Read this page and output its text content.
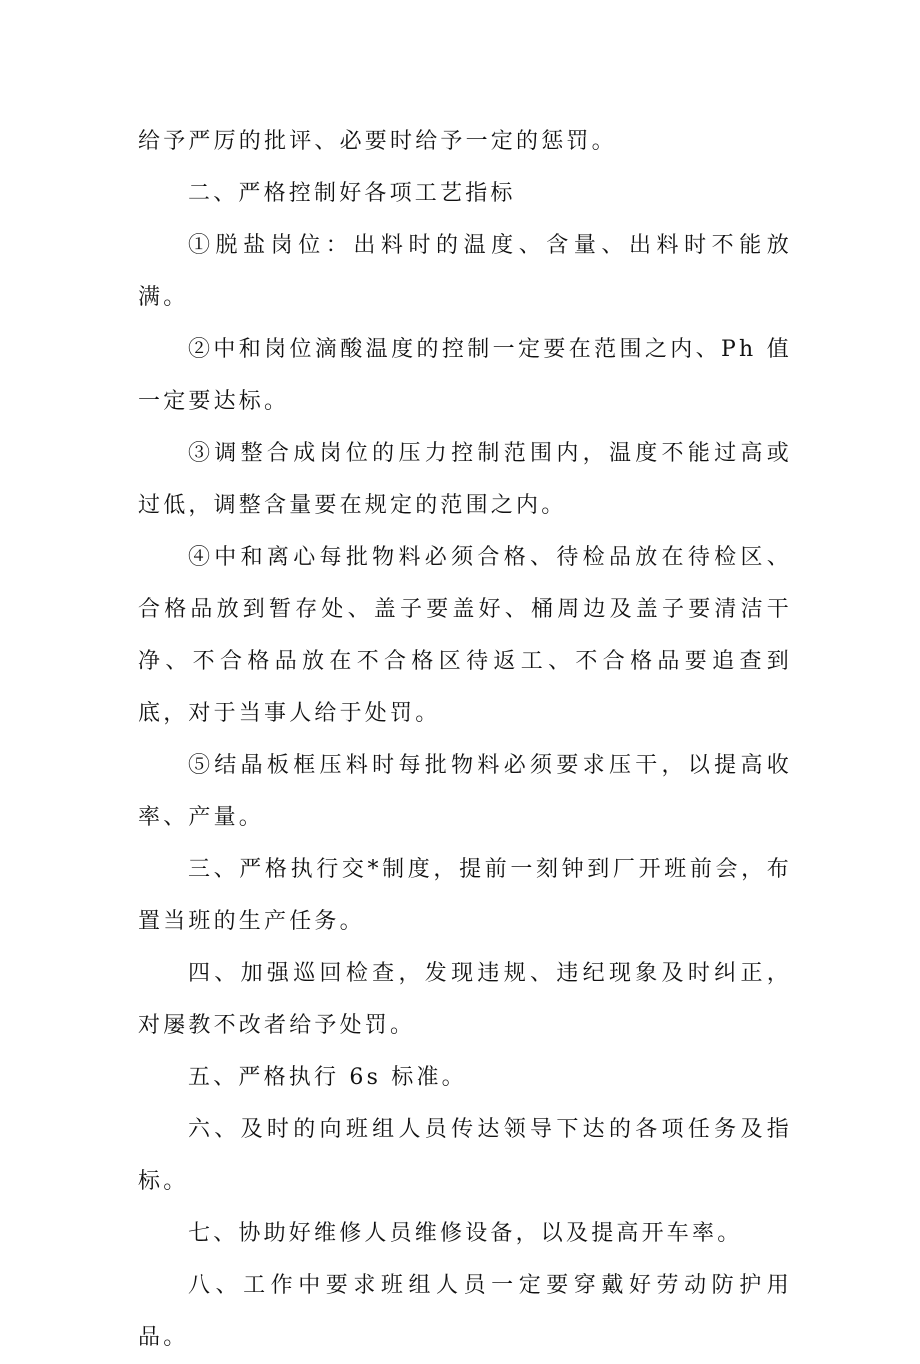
给予严厉的批评、必要时给予一定的惩罚。

二、严格控制好各项工艺指标

①脱盐岗位：出料时的温度、含量、出料时不能放满。

②中和岗位滴酸温度的控制一定要在范围之内、Ph 值一定要达标。

③调整合成岗位的压力控制范围内，温度不能过高或过低，调整含量要在规定的范围之内。

④中和离心每批物料必须合格、待检品放在待检区、合格品放到暂存处、盖子要盖好、桶周边及盖子要清洁干净、不合格品放在不合格区待返工、不合格品要追查到底，对于当事人给于处罚。

⑤结晶板框压料时每批物料必须要求压干，以提高收率、产量。

三、严格执行交*制度，提前一刻钟到厂开班前会，布置当班的生产任务。

四、加强巡回检查，发现违规、违纪现象及时纠正，对屡教不改者给予处罚。

五、严格执行 6s 标准。

六、及时的向班组人员传达领导下达的各项任务及指标。

七、协助好维修人员维修设备，以及提高开车率。

八、工作中要求班组人员一定要穿戴好劳动防护用品。
